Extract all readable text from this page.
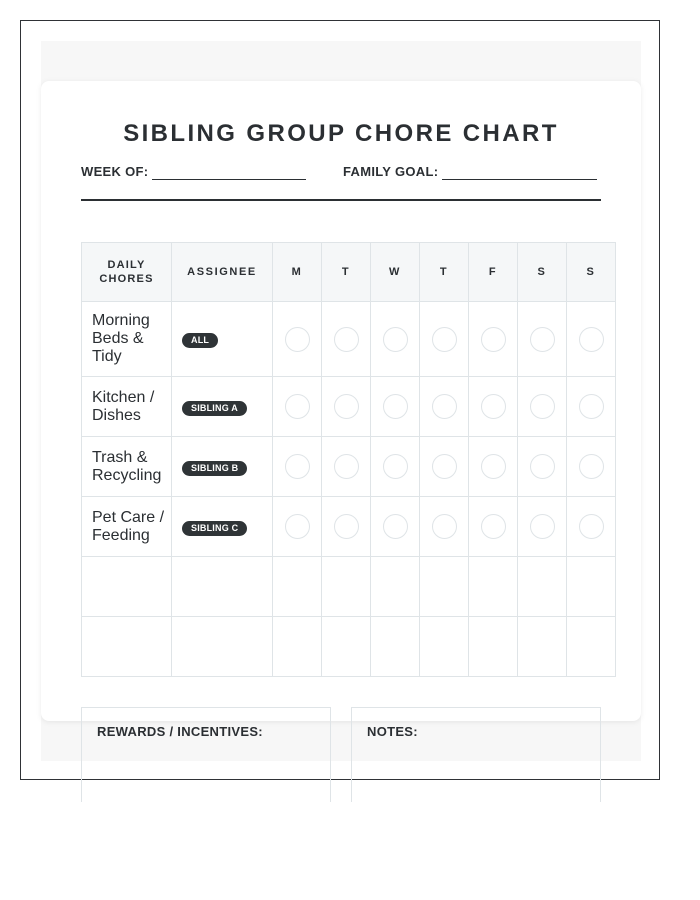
SIBLING GROUP CHORE CHART
WEEK OF:	FAMILY GOAL:
DAILY CHORES	ASSIGNEE	M	T	W	T	F	S	S
Morning Beds & Tidy	ALL							
Kitchen / Dishes	SIBLING A							
Trash & Recycling	SIBLING B							
Pet Care / Feeding	SIBLING C							

REWARDS / INCENTIVES:	NOTES:
